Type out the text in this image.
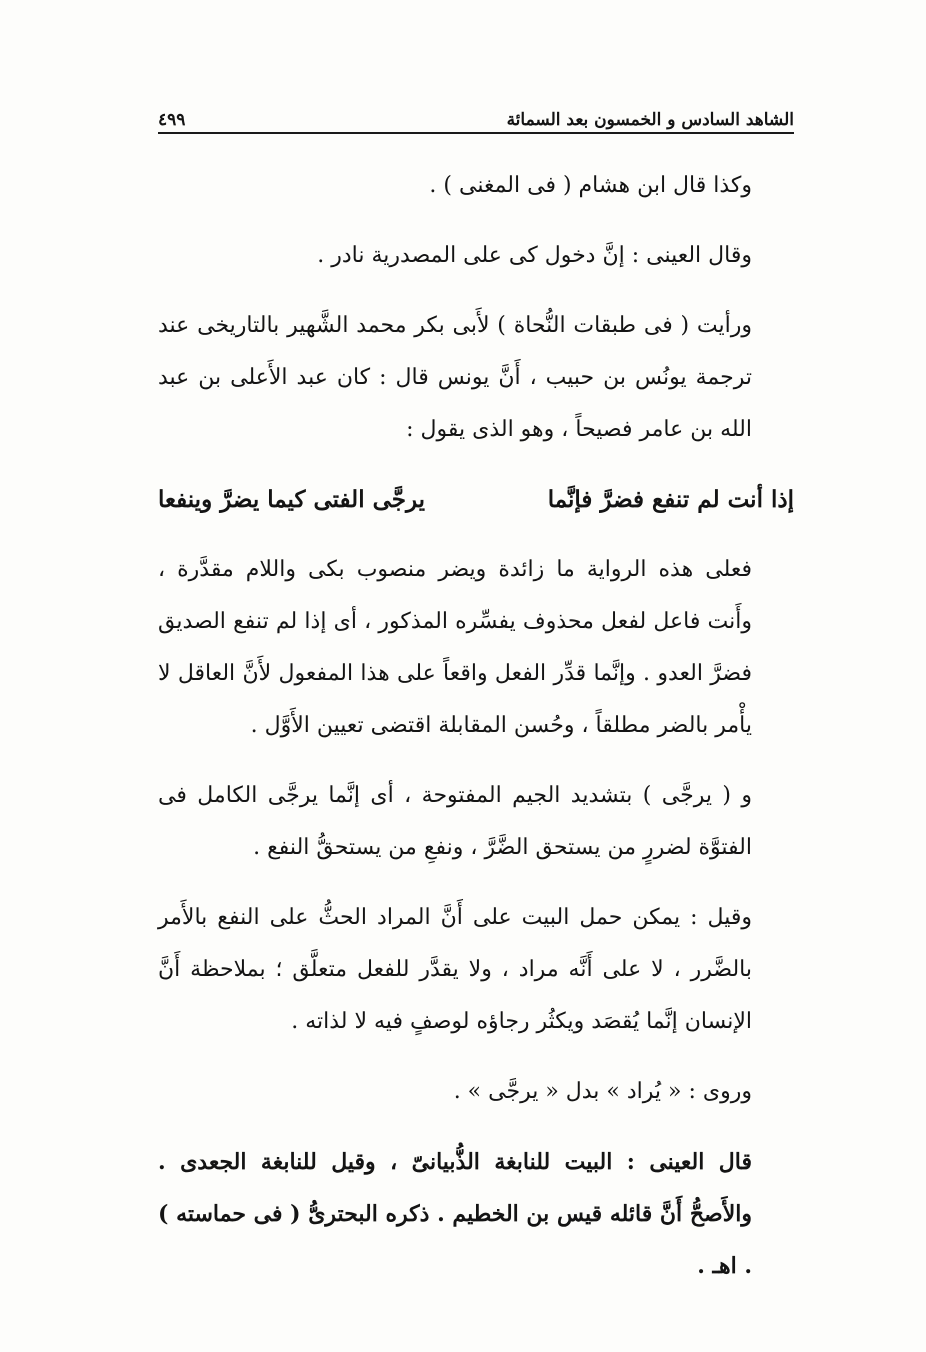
الشاهد السادس و الخمسون بعد السمائة
٤٩٩

وكذا قال ابن هشام ( فى المغنى ) .

وقال العينى : إنَّ دخول كى على المصدرية نادر .

ورأيت ( فى طبقات النُّحاة ) لأَبى بكر محمد الشَّهير بالتاريخى عند ترجمة يونُس بن حبيب ، أَنَّ يونس قال : كان عبد الأَعلى بن عبد الله بن عامر فصيحاً ، وهو الذى يقول :

إذا أنت لم تنفع فضرَّ فإنَّما
يرجَّى الفتى كيما يضرَّ وينفعا

فعلى هذه الرواية ما زائدة ويضر منصوب بكى واللام مقدَّرة ، وأَنت فاعل لفعل محذوف يفسِّره المذكور ، أى إذا لم تنفع الصديق فضرَّ العدو . وإنَّما قدِّر الفعل واقعاً على هذا المفعول لأَنَّ العاقل لا يأْمر بالضر مطلقاً ، وحُسن المقابلة اقتضى تعيين الأَوَّل .

و ( يرجَّى ) بتشديد الجيم المفتوحة ، أى إنَّما يرجَّى الكامل فى الفتوَّة لضررٍ من يستحق الضَّرَّ ، ونفعِ من يستحقُّ النفع .

وقيل : يمكن حمل البيت على أَنَّ المراد الحثُّ على النفع بالأَمر بالضَّرر ، لا على أَنَّه مراد ، ولا يقدَّر للفعل متعلَّق ؛ بملاحظة أَنَّ الإنسان إنَّما يُقصَد ويكثُر رجاؤه لوصفٍ فيه لا لذاته .

وروى : « يُراد » بدل « يرجَّى » .

قال العينى : البيت للنابغة الذُّبيانىّ ، وقيل للنابغة الجعدى . والأَصحُّ أَنَّ قائله قيس بن الخطيم . ذكره البحترىُّ ( فى حماسته ) . اهـ .
